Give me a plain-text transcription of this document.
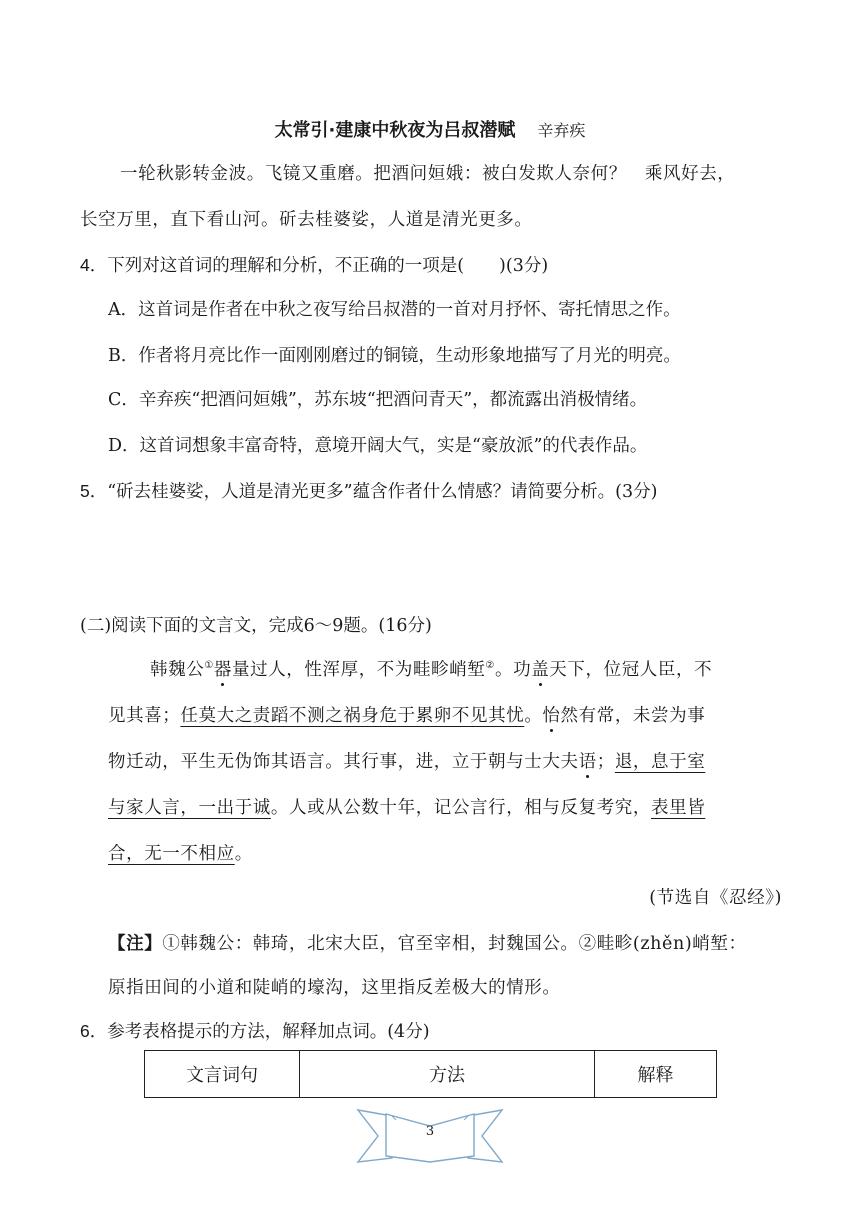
太常引·建康中秋夜为吕叔潜赋 辛弃疾
一轮秋影转金波。飞镜又重磨。把酒问姮娥：被白发欺人奈何？　乘风好去，
长空万里，直下看山河。斫去桂婆娑，人道是清光更多。
4．下列对这首词的理解和分析，不正确的一项是(　　)(3分)
A．这首词是作者在中秋之夜写给吕叔潜的一首对月抒怀、寄托情思之作。
B．作者将月亮比作一面刚刚磨过的铜镜，生动形象地描写了月光的明亮。
C．辛弃疾“把酒问姮娥”，苏东坡“把酒问青天”，都流露出消极情绪。
D．这首词想象丰富奇特，意境开阔大气，实是“豪放派”的代表作品。
5．“斫去桂婆娑，人道是清光更多”蕴含作者什么情感？请简要分析。(3分)
(二)阅读下面的文言文，完成6～9题。(16分)
韩魏公①器量过人，性浑厚，不为畦畛峭堑②。功盖天下，位冠人臣，不
见其喜；任莫大之责蹈不测之祸身危于累卵不见其忧。怡然有常，未尝为事
物迁动，平生无伪饰其语言。其行事，进，立于朝与士大夫语；退，息于室
与家人言，一出于诚。人或从公数十年，记公言行，相与反复考究，表里皆
合，无一不相应。
(节选自《忍经》)
【注】①韩魏公：韩琦，北宋大臣，官至宰相，封魏国公。②畦畛(zhěn)峭堑：
原指田间的小道和陡峭的壕沟，这里指反差极大的情形。
6．参考表格提示的方法，解释加点词。(4分)
文言词句	方法	解释
3
